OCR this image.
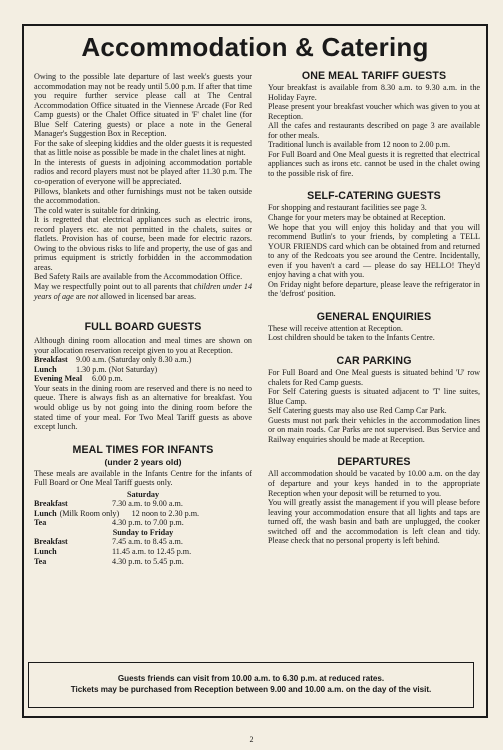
Accommodation & Catering

Owing to the possible late departure of last week's guests your accommodation may not be ready until 5.00 p.m. If after that time you require further service please call at The Central Accommodation Office situated in the Viennese Arcade (For Red Camp guests) or the Chalet Office situated in 'F' chalet line (for Blue Self Catering guests) or place a note in the General Manager's Suggestion Box in Reception.

For the sake of sleeping kiddies and the older guests it is requested that as little noise as possible be made in the chalet lines at night.

In the interests of guests in adjoining accommodation portable radios and record players must not be played after 11.30 p.m. The co-operation of everyone will be appreciated.

Pillows, blankets and other furnishings must not be taken outside the accommodation.

The cold water is suitable for drinking.

It is regretted that electrical appliances such as electric irons, record players etc. ate not permitted in the chalets, suites or flatlets. Provision has of course, been made for electric razors. Owing to the obvious risks to life and property, the use of gas and primus equipment is strictly forbidden in the accommodation areas.

Bed Safety Rails are available from the Accommodation Office.

May we respectfully point out to all parents that children under 14 years of age are not allowed in licensed bar areas.

FULL BOARD GUESTS

Although dining room allocation and meal times are shown on your allocation reservation receipt given to you at Reception.

Breakfast	9.00 a.m. (Saturday only 8.30 a.m.)
Lunch	1.30 p.m. (Not Saturday)
Evening Meal	6.00 p.m.

Your seats in the dining room are reserved and there is no need to queue. There is always fish as an alternative for breakfast. You would oblige us by not going into the dining room before the stated time of your meal. For Two Meal Tariff guests as above except lunch.

MEAL TIMES FOR INFANTS
(under 2 years old)

These meals are available in the Infants Centre for the infants of Full Board or One Meal Tariff guests only.

Saturday
Breakfast	7.30 a.m. to 9.00 a.m.
Lunch (Milk Room only)	12 noon to 2.30 p.m.
Tea	4.30 p.m. to 7.00 p.m.
Sunday to Friday
Breakfast	7.45 a.m. to 8.45 a.m.
Lunch	11.45 a.m. to 12.45 p.m.
Tea	4.30 p.m. to 5.45 p.m.
ONE MEAL TARIFF GUESTS

Your breakfast is available from 8.30 a.m. to 9.30 a.m. in the Holiday Fayre.

Please present your breakfast voucher which was given to you at Reception.

All the cafes and restaurants described on page 3 are available for other meals.

Traditional lunch is available from 12 noon to 2.00 p.m.

For Full Board and One Meal guests it is regretted that electrical appliances such as irons etc. cannot be used in the chalet owing to the possible risk of fire.

SELF-CATERING GUESTS

For shopping and restaurant facilities see page 3.

Change for your meters may be obtained at Reception.

We hope that you will enjoy this holiday and that you will recommend Butlin's to your friends, by completing a TELL YOUR FRIENDS card which can be obtained from and returned to any of the Redcoats you see around the Centre. Incidentally, even if you haven't a card — please do say HELLO! They'd enjoy having a chat with you.

On Friday night before departure, please leave the refrigerator in the 'defrost' position.

GENERAL ENQUIRIES

These will receive attention at Reception.

Lost children should be taken to the Infants Centre.

CAR PARKING

For Full Board and One Meal guests is situated behind 'U' row chalets for Red Camp guests.

For Self Catering guests is situated adjacent to 'T' line suites, Blue Camp.

Self Catering guests may also use Red Camp Car Park.

Guests must not park their vehicles in the accommodation lines or on main roads. Car Parks are not supervised. Bus Service and Railway enquiries should be made at Reception.

DEPARTURES

All accommodation should be vacated by 10.00 a.m. on the day of departure and your keys handed in to the appropriate Reception when your deposit will be returned to you.

You will greatly assist the management if you will please before leaving your accommodation ensure that all lights and taps are turned off, the wash basin and bath are unplugged, the cooker switched off and the accommodation is left clean and tidy. Please check that no personal property is left behind.

Guests friends can visit from 10.00 a.m. to 6.30 p.m. at reduced rates.
Tickets may be purchased from Reception between 9.00 and 10.00 a.m. on the day of the visit.
2
